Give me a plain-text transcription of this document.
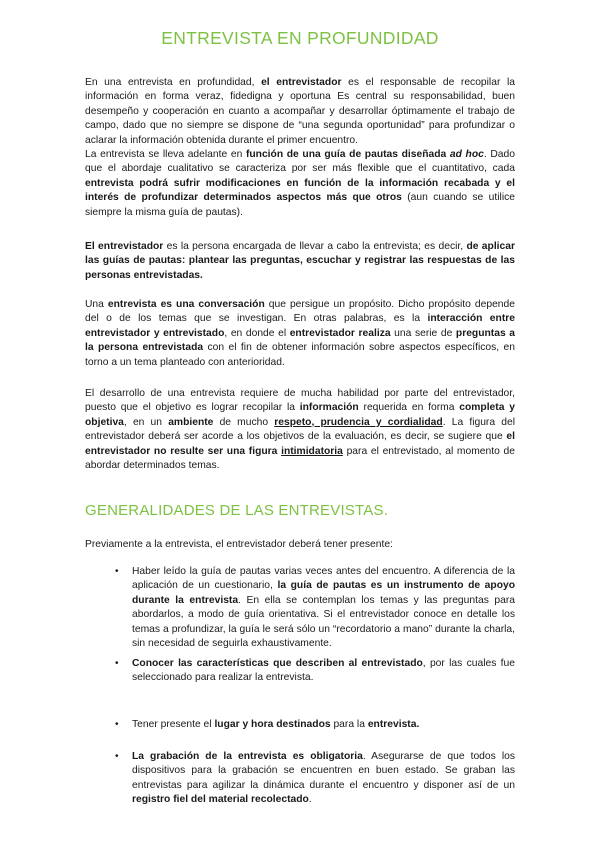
ENTREVISTA EN PROFUNDIDAD

En una entrevista en profundidad, el entrevistador es el responsable de recopilar la información en forma veraz, fidedigna y oportuna Es central su responsabilidad, buen desempeño y cooperación en cuanto a acompañar y desarrollar óptimamente el trabajo de campo, dado que no siempre se dispone de “una segunda oportunidad” para profundizar o aclarar la información obtenida durante el primer encuentro.

La entrevista se lleva adelante en función de una guía de pautas diseñada ad hoc. Dado que el abordaje cualitativo se caracteriza por ser más flexible que el cuantitativo, cada entrevista podrá sufrir modificaciones en función de la información recabada y el interés de profundizar determinados aspectos más que otros (aun cuando se utilice siempre la misma guía de pautas).

El entrevistador es la persona encargada de llevar a cabo la entrevista; es decir, de aplicar las guías de pautas: plantear las preguntas, escuchar y registrar las respuestas de las personas entrevistadas.

Una entrevista es una conversación que persigue un propósito. Dicho propósito depende del o de los temas que se investigan. En otras palabras, es la interacción entre entrevistador y entrevistado, en donde el entrevistador realiza una serie de preguntas a la persona entrevistada con el fin de obtener información sobre aspectos específicos, en torno a un tema planteado con anterioridad.

El desarrollo de una entrevista requiere de mucha habilidad por parte del entrevistador, puesto que el objetivo es lograr recopilar la información requerida en forma completa y objetiva, en un ambiente de mucho respeto, prudencia y cordialidad. La figura del entrevistador deberá ser acorde a los objetivos de la evaluación, es decir, se sugiere que el entrevistador no resulte ser una figura intimidatoria para el entrevistado, al momento de abordar determinados temas.

GENERALIDADES DE LAS ENTREVISTAS.

Previamente a la entrevista, el entrevistador deberá tener presente:

•	Haber leído la guía de pautas varias veces antes del encuentro. A diferencia de la aplicación de un cuestionario, la guía de pautas es un instrumento de apoyo durante la entrevista. En ella se contemplan los temas y las preguntas para abordarlos, a modo de guía orientativa. Si el entrevistador conoce en detalle los temas a profundizar, la guía le será sólo un “recordatorio a mano” durante la charla, sin necesidad de seguirla exhaustivamente.
•	Conocer las características que describen al entrevistado, por las cuales fue seleccionado para realizar la entrevista.
•	Tener presente el lugar y hora destinados para la entrevista.
•	La grabación de la entrevista es obligatoria. Asegurarse de que todos los dispositivos para la grabación se encuentren en buen estado. Se graban las entrevistas para agilizar la dinámica durante el encuentro y disponer así de un registro fiel del material recolectado.
